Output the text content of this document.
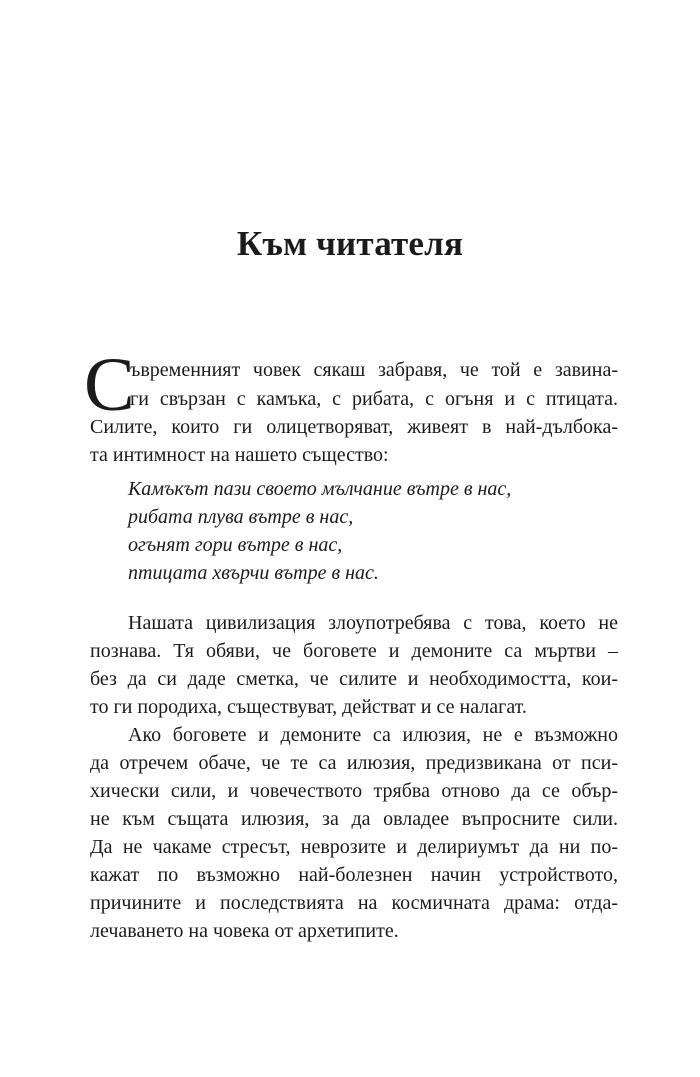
Към читателя
С
ъвременният човек сякаш забравя, че той е завина-
ги свързан с камъка, с рибата, с огъня и с птицата.
Силите, които ги олицетворяват, живеят в най-дълбока-
та интимност на нашето същество:
Камъкът пази своето мълчание вътре в нас,
рибата плува вътре в нас,
огънят гори вътре в нас,
птицата хвърчи вътре в нас.
Нашата цивилизация злоупотребява с това, което не
познава. Тя обяви, че боговете и демоните са мъртви –
без да си даде сметка, че силите и необходимостта, кои-
то ги породиха, съществуват, действат и се налагат.
Ако боговете и демоните са илюзия, не е възможно
да отречем обаче, че те са илюзия, предизвикана от пси-
хически сили, и човечеството трябва отново да се обър-
не към същата илюзия, за да овладее въпросните сили.
Да не чакаме стресът, неврозите и делириумът да ни по-
кажат по възможно най-болезнен начин устройството,
причините и последствията на космичната драма: отда-
лечаването на човека от архетипите.
